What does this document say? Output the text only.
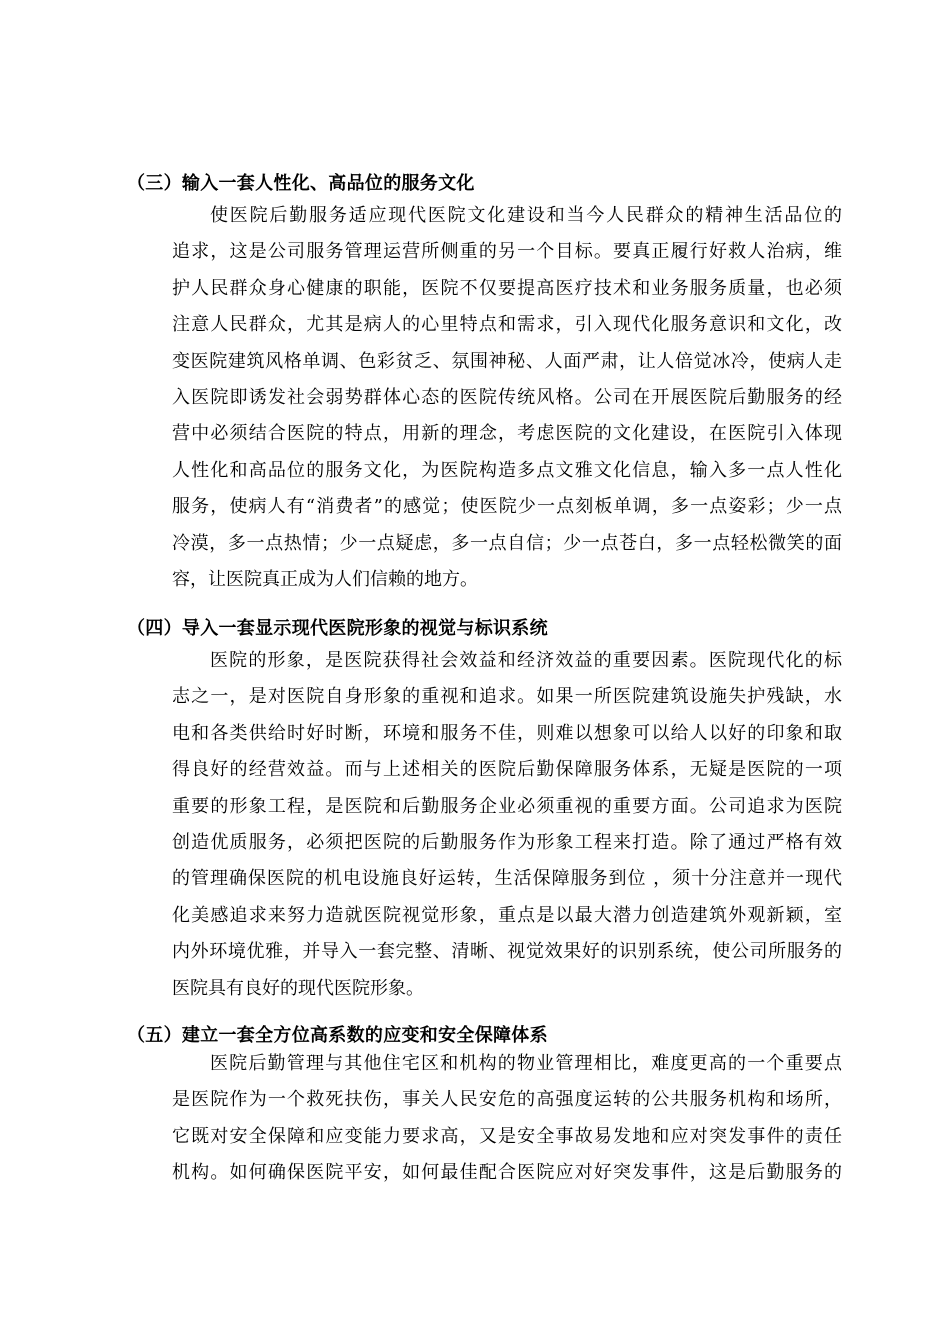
（三）输入一套人性化、高品位的服务文化
使医院后勤服务适应现代医院文化建设和当今人民群众的精神生活品位的
追求，这是公司服务管理运营所侧重的另一个目标。要真正履行好救人治病，维
护人民群众身心健康的职能，医院不仅要提高医疗技术和业务服务质量，也必须
注意人民群众，尤其是病人的心里特点和需求，引入现代化服务意识和文化，改
变医院建筑风格单调、色彩贫乏、氛围神秘、人面严肃，让人倍觉冰冷，使病人走
入医院即诱发社会弱势群体心态的医院传统风格。公司在开展医院后勤服务的经
营中必须结合医院的特点，用新的理念，考虑医院的文化建设，在医院引入体现
人性化和高品位的服务文化，为医院构造多点文雅文化信息，输入多一点人性化
服务，使病人有“消费者”的感觉；使医院少一点刻板单调，多一点姿彩；少一点
冷漠，多一点热情；少一点疑虑，多一点自信；少一点苍白，多一点轻松微笑的面
容，让医院真正成为人们信赖的地方。
（四）导入一套显示现代医院形象的视觉与标识系统
医院的形象，是医院获得社会效益和经济效益的重要因素。医院现代化的标
志之一，是对医院自身形象的重视和追求。如果一所医院建筑设施失护残缺，水
电和各类供给时好时断，环境和服务不佳，则难以想象可以给人以好的印象和取
得良好的经营效益。而与上述相关的医院后勤保障服务体系，无疑是医院的一项
重要的形象工程，是医院和后勤服务企业必须重视的重要方面。公司追求为医院
创造优质服务，必须把医院的后勤服务作为形象工程来打造。除了通过严格有效
的管理确保医院的机电设施良好运转，生活保障服务到位 ，须十分注意并一现代
化美感追求来努力造就医院视觉形象，重点是以最大潜力创造建筑外观新颖，室
内外环境优雅，并导入一套完整、清晰、视觉效果好的识别系统，使公司所服务的
医院具有良好的现代医院形象。
（五）建立一套全方位高系数的应变和安全保障体系
医院后勤管理与其他住宅区和机构的物业管理相比，难度更高的一个重要点
是医院作为一个救死扶伤，事关人民安危的高强度运转的公共服务机构和场所，
它既对安全保障和应变能力要求高，又是安全事故易发地和应对突发事件的责任
机构。如何确保医院平安，如何最佳配合医院应对好突发事件，这是后勤服务的
